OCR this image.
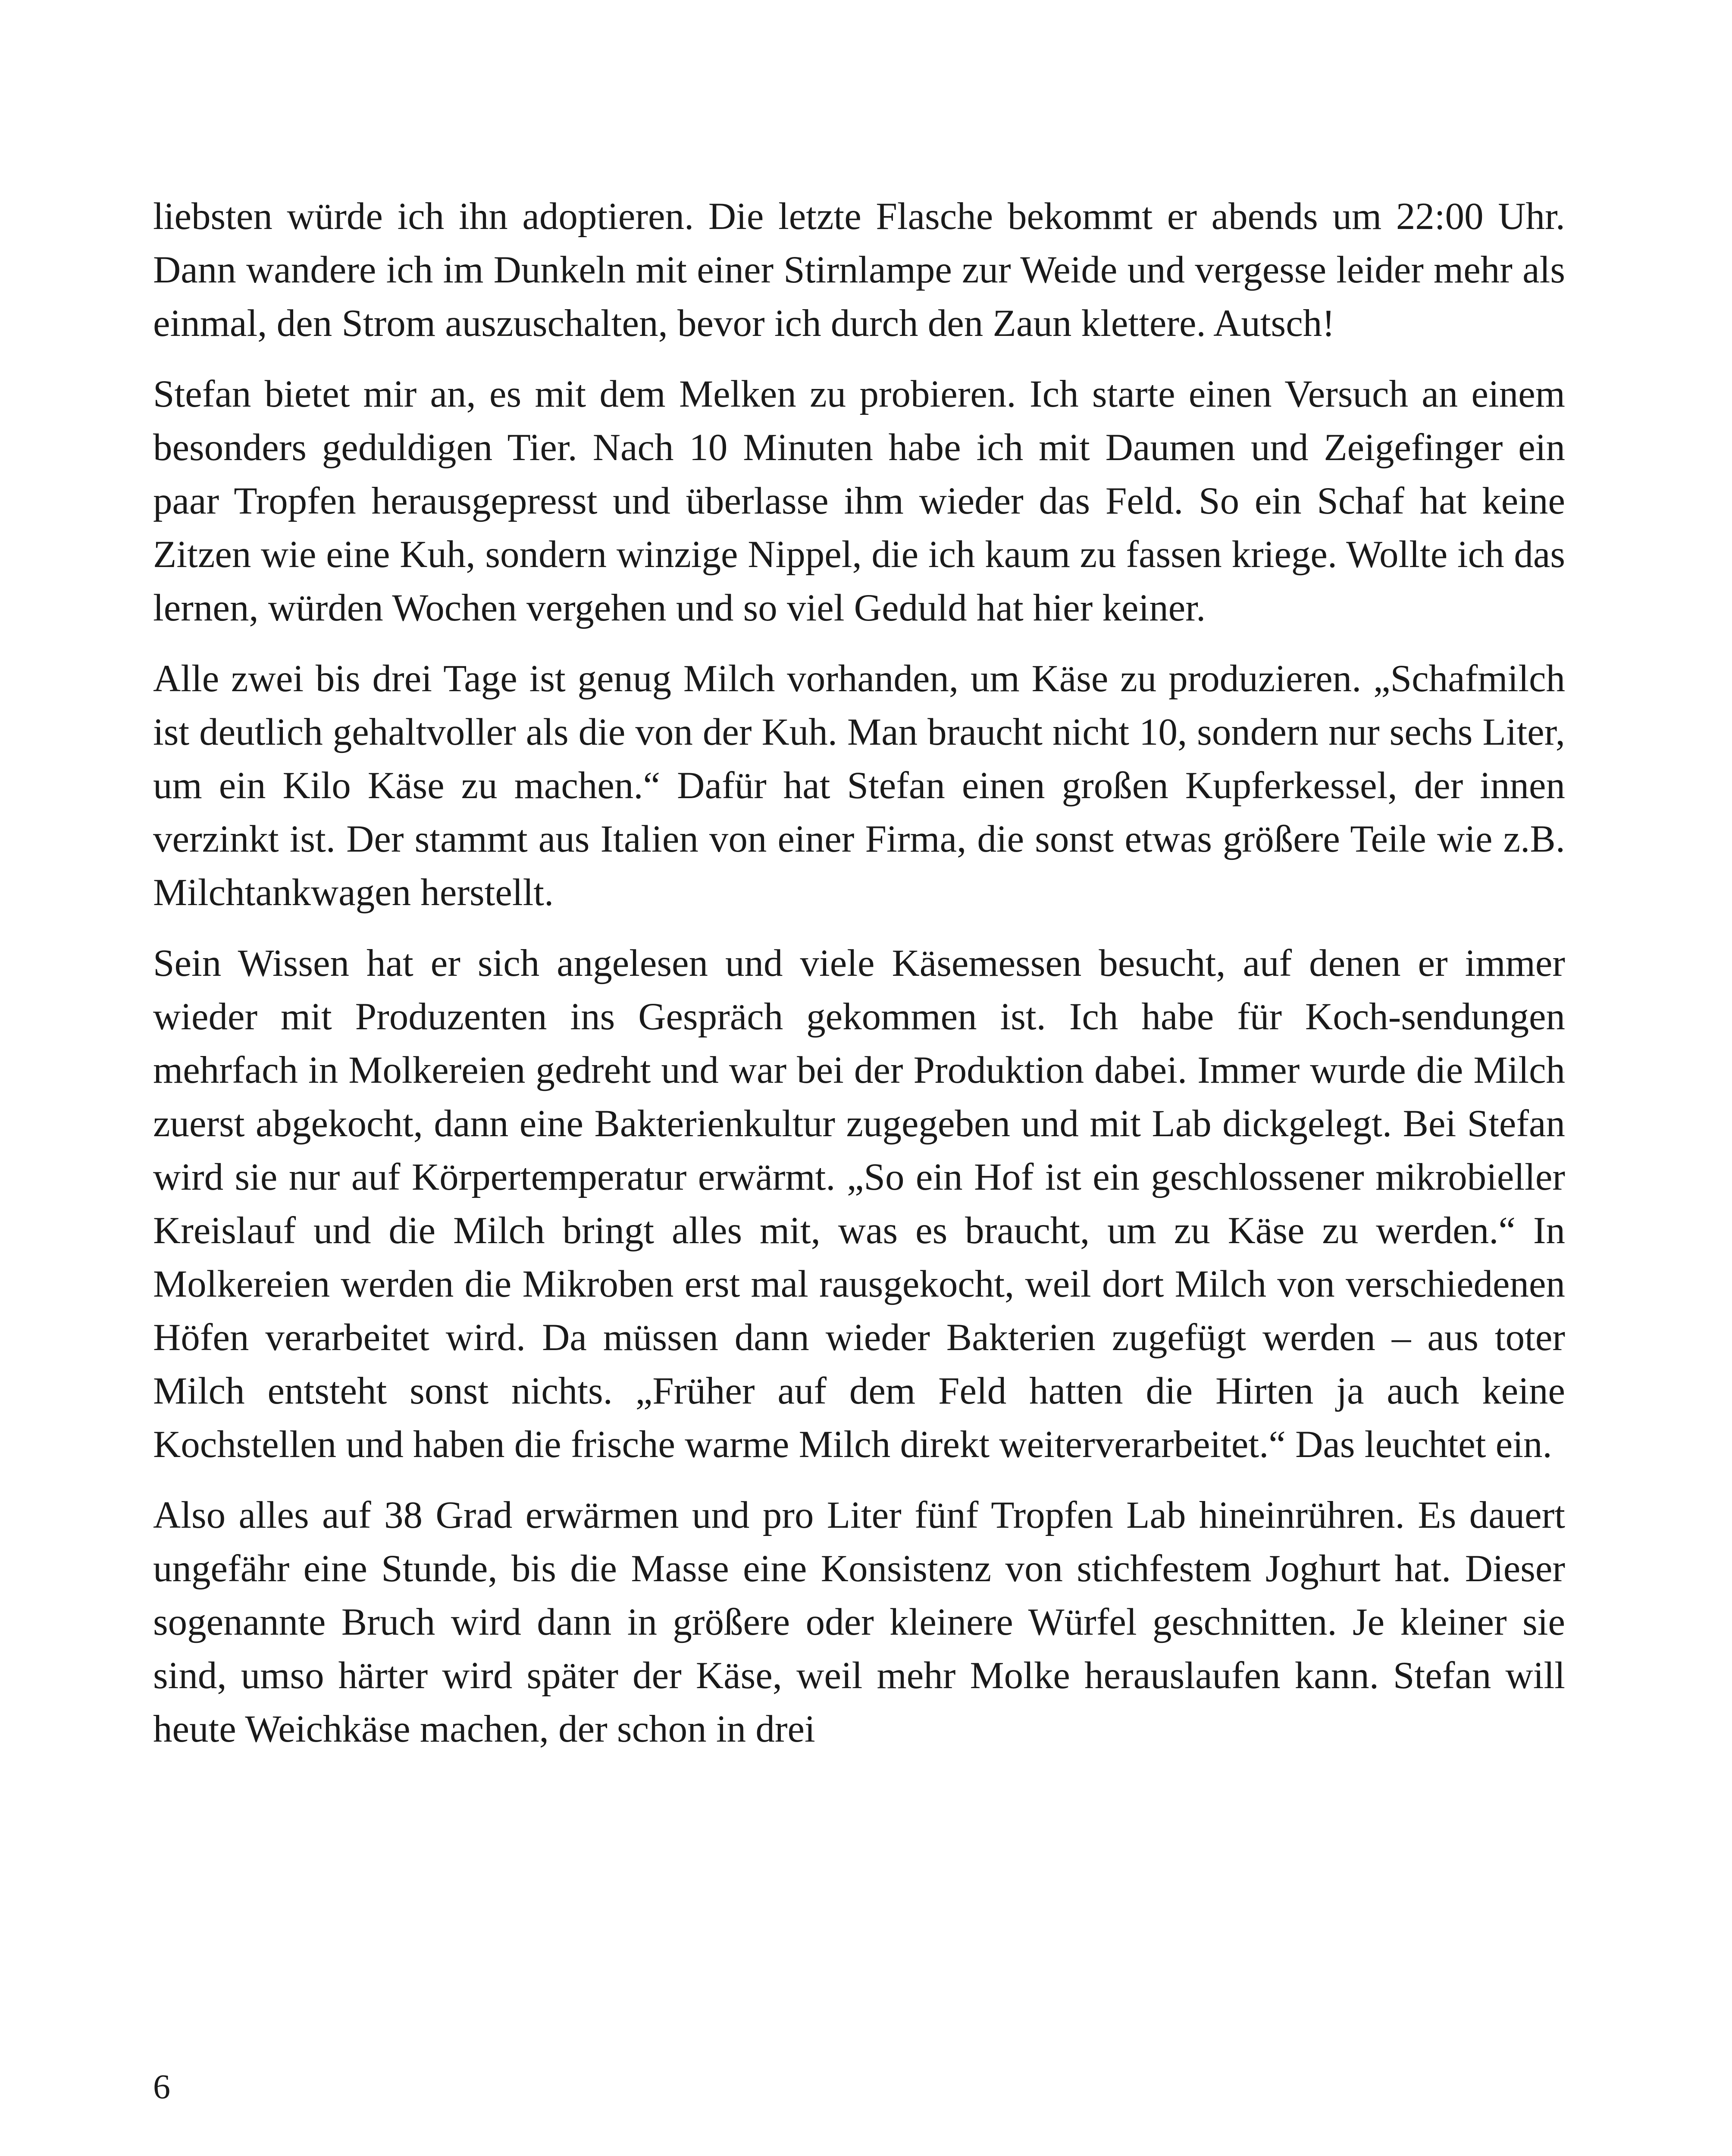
liebsten würde ich ihn adoptieren. Die letzte Flasche bekommt er abends um 22:00 Uhr. Dann wandere ich im Dunkeln mit einer Stirnlampe zur Weide und vergesse leider mehr als einmal, den Strom auszuschalten, bevor ich durch den Zaun klettere. Autsch!

Stefan bietet mir an, es mit dem Melken zu probieren. Ich starte einen Versuch an einem besonders geduldigen Tier. Nach 10 Minuten habe ich mit Daumen und Zeigefinger ein paar Tropfen herausgepresst und überlasse ihm wieder das Feld. So ein Schaf hat keine Zitzen wie eine Kuh, sondern winzige Nippel, die ich kaum zu fassen kriege. Wollte ich das lernen, würden Wochen vergehen und so viel Geduld hat hier keiner.

Alle zwei bis drei Tage ist genug Milch vorhanden, um Käse zu produzieren. „Schafmilch ist deutlich gehaltvoller als die von der Kuh. Man braucht nicht 10, sondern nur sechs Liter, um ein Kilo Käse zu machen.“ Dafür hat Stefan einen großen Kupferkessel, der innen verzinkt ist. Der stammt aus Italien von einer Firma, die sonst etwas größere Teile wie z.B. Milchtankwagen herstellt.

Sein Wissen hat er sich angelesen und viele Käsemessen besucht, auf denen er immer wieder mit Produzenten ins Gespräch gekommen ist. Ich habe für Koch-sendungen mehrfach in Molkereien gedreht und war bei der Produktion dabei. Immer wurde die Milch zuerst abgekocht, dann eine Bakterienkultur zugegeben und mit Lab dickgelegt. Bei Stefan wird sie nur auf Körpertemperatur erwärmt. „So ein Hof ist ein geschlossener mikrobieller Kreislauf und die Milch bringt alles mit, was es braucht, um zu Käse zu werden.“ In Molkereien werden die Mikroben erst mal rausgekocht, weil dort Milch von verschiedenen Höfen verarbeitet wird. Da müssen dann wieder Bakterien zugefügt werden – aus toter Milch entsteht sonst nichts. „Früher auf dem Feld hatten die Hirten ja auch keine Kochstellen und haben die frische warme Milch direkt weiterverarbeitet.“ Das leuchtet ein.

Also alles auf 38 Grad erwärmen und pro Liter fünf Tropfen Lab hineinrühren. Es dauert ungefähr eine Stunde, bis die Masse eine Konsistenz von stichfestem Joghurt hat. Dieser sogenannte Bruch wird dann in größere oder kleinere Würfel geschnitten. Je kleiner sie sind, umso härter wird später der Käse, weil mehr Molke herauslaufen kann. Stefan will heute Weichkäse machen, der schon in drei

6
